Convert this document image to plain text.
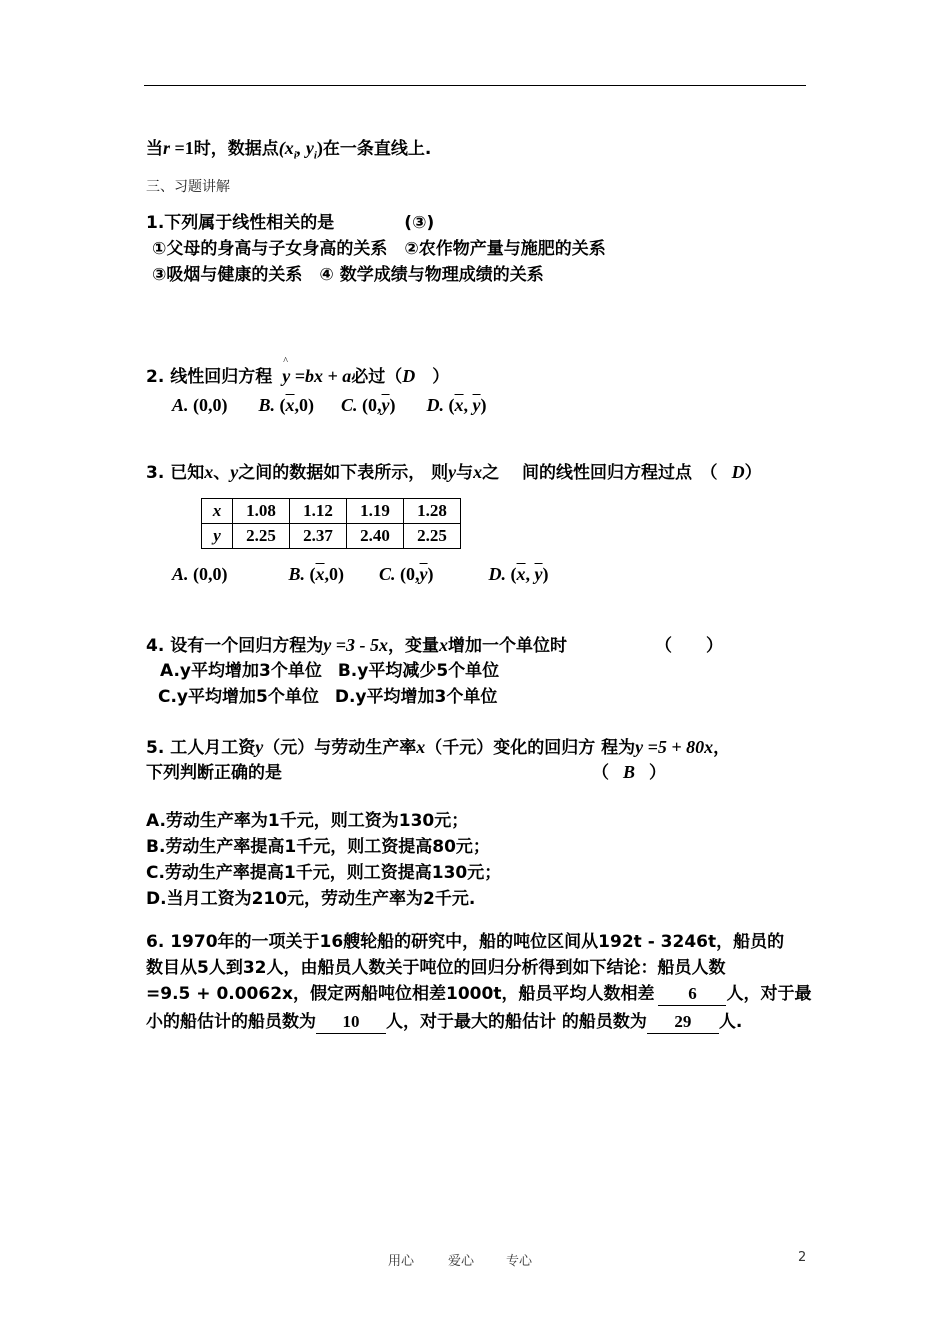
当r =1时，数据点($x_i$, $y_i$)在一条直线上.
三、习题讲解
1.下列属于线性相关的是	(③)
①父母的身高与子女身高的关系　②农作物产量与施肥的关系
③吸烟与健康的关系　④ 数学成绩与物理成绩的关系
2. 线性回归方程 ^ y =bx + a必过（D　）
A. (0,0) B. $(\overline{x},0)$ C. $(0,\overline{y})$ D. ($\overline{x}$, $\overline{y}$)
3. 已知x、y之间的数据如下表所示， 则y与x之　 间的线性回归方程过点　（ D）
x	1.08	1.12	1.19	1.28
y	2.25	2.37	2.40	2.25
A. (0,0)	B. $(\overline{x},0)$ C. $(0,\overline{y})$	D. ($\overline{x}$, $\overline{y}$)
4. 设有一个回归方程为y =3 - 5x，变量x增加一个单位时	（　　）
A.y平均增加3个单位 B.y平均减少5个单位
C.y平均增加5个单位 D.y平均增加3个单位
5. 工人月工资y（元）与劳动生产率x（千元）变化的回归方 程为y =5 + 80x，
下列判断正确的是	（ B ）
A.劳动生产率为1千元，则工资为130元；
B.劳动生产率提高1千元，则工资提高80元；
C.劳动生产率提高1千元，则工资提高130元；
D.当月工资为210元，劳动生产率为2千元.
6. 1970年的一项关于16艘轮船的研究中，船的吨位区间从192t - 3246t，船员的
数目从5人到32人，由船员人数关于吨位的回归分析得到如下结论：船员人数
=9.5 + 0.0062x，假定两船吨位相差1000t，船员平均人数相差 6 人，对于最
小的船估计的船员数为 10 人，对于最大的船估计 的船员数为 29 人.
用心	爱心 专心	2
